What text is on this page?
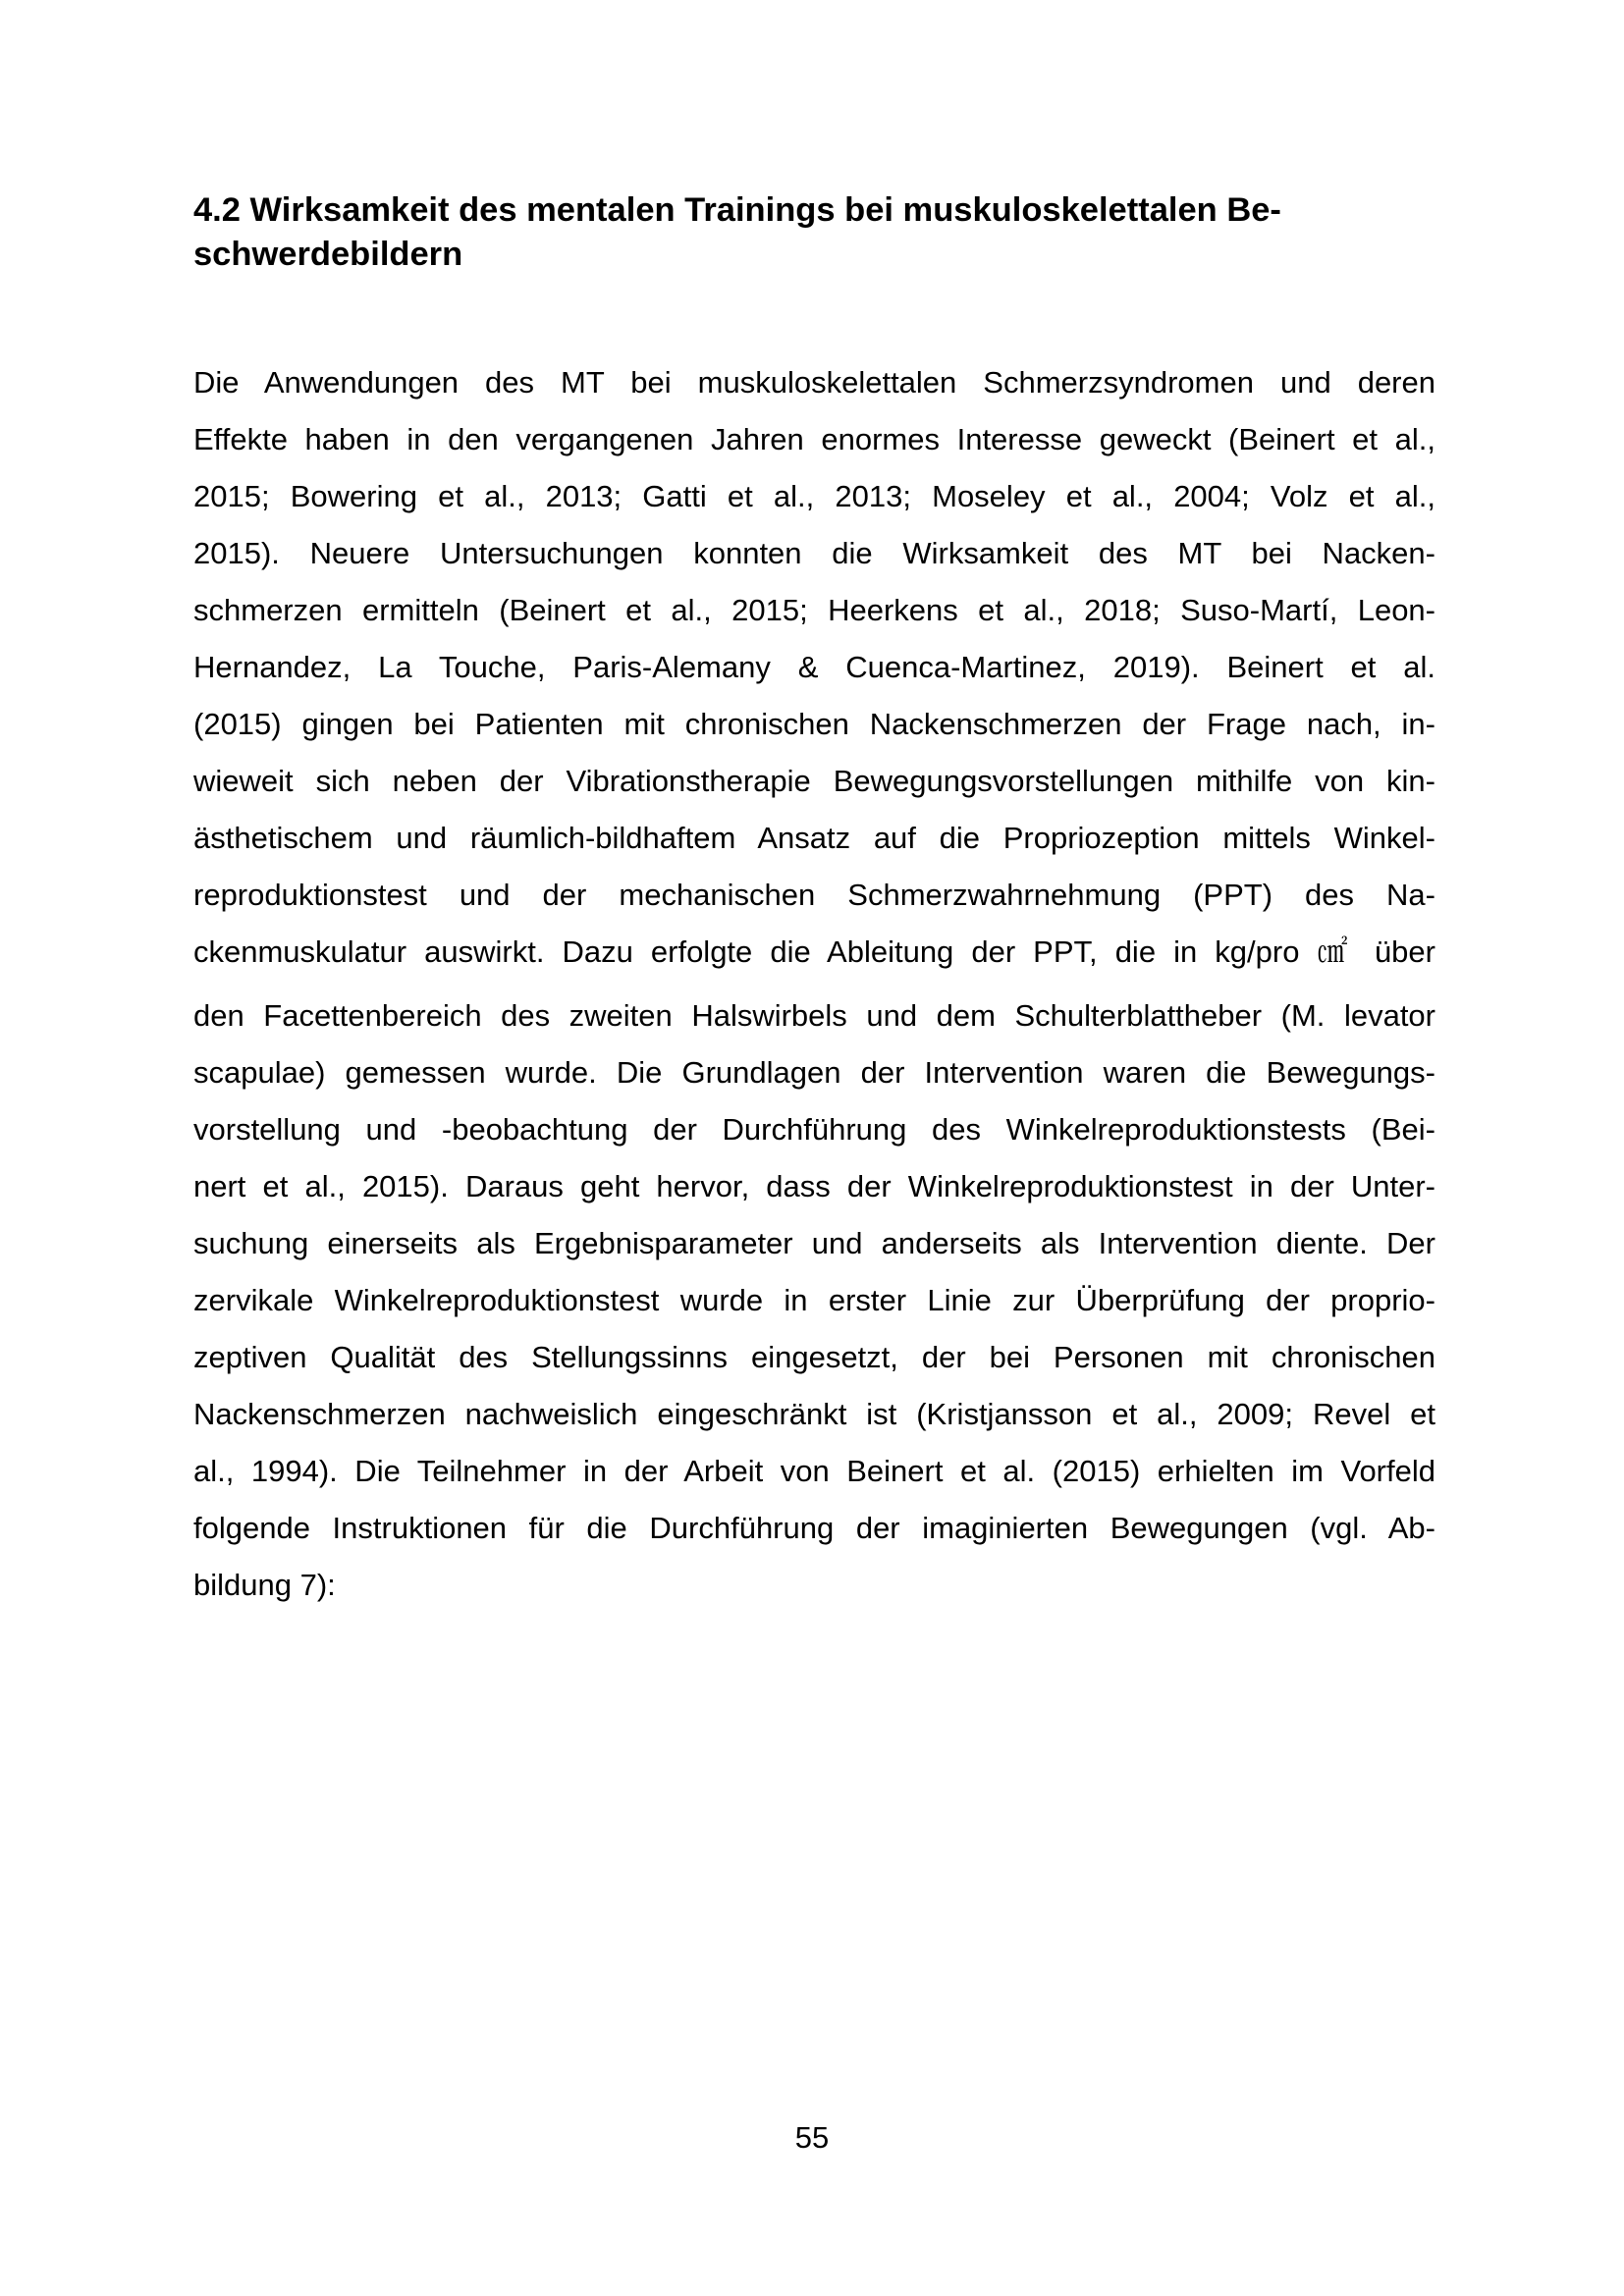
4.2 Wirksamkeit des mentalen Trainings bei muskuloskelettalen Be-
schwerdebildern
Die Anwendungen des MT bei muskuloskelettalen Schmerzsyndromen und deren
Effekte haben in den vergangenen Jahren enormes Interesse geweckt (Beinert et al.,
2015; Bowering et al., 2013; Gatti et al., 2013; Moseley et al., 2004; Volz et al.,
2015). Neuere Untersuchungen konnten die Wirksamkeit des MT bei Nacken-
schmerzen ermitteln (Beinert et al., 2015; Heerkens et al., 2018; Suso-Martí, Leon-
Hernandez, La Touche, Paris-Alemany & Cuenca-Martinez, 2019). Beinert et al.
(2015) gingen bei Patienten mit chronischen Nackenschmerzen der Frage nach, in-
wieweit sich neben der Vibrationstherapie Bewegungsvorstellungen mithilfe von kin-
ästhetischem und räumlich-bildhaftem Ansatz auf die Propriozeption mittels Winkel-
reproduktionstest und der mechanischen Schmerzwahrnehmung (PPT) des Na-
ckenmuskulatur auswirkt. Dazu erfolgte die Ableitung der PPT, die in kg/pro ㎠ über
den Facettenbereich des zweiten Halswirbels und dem Schulterblattheber (M. levator
scapulae) gemessen wurde. Die Grundlagen der Intervention waren die Bewegungs-
vorstellung und -beobachtung der Durchführung des Winkelreproduktionstests (Bei-
nert et al., 2015). Daraus geht hervor, dass der Winkelreproduktionstest in der Unter-
suchung einerseits als Ergebnisparameter und anderseits als Intervention diente. Der
zervikale Winkelreproduktionstest wurde in erster Linie zur Überprüfung der proprio-
zeptiven Qualität des Stellungssinns eingesetzt, der bei Personen mit chronischen
Nackenschmerzen nachweislich eingeschränkt ist (Kristjansson et al., 2009; Revel et
al., 1994). Die Teilnehmer in der Arbeit von Beinert et al. (2015) erhielten im Vorfeld
folgende Instruktionen für die Durchführung der imaginierten Bewegungen (vgl. Ab-
bildung 7):
55
